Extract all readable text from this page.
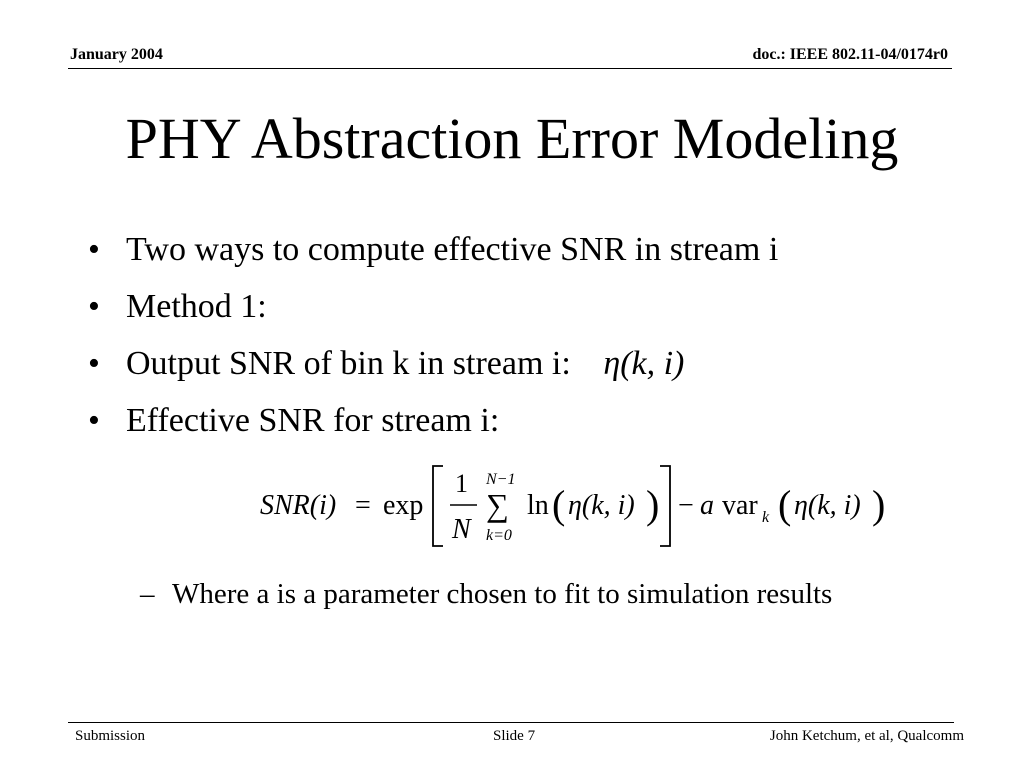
January 2004	doc.: IEEE 802.11-04/0174r0
PHY Abstraction Error Modeling
• Two ways to compute effective SNR in stream i
• Method 1:
• Output SNR of bin k in stream i: η(k, i)
• Effective SNR for stream i:
SNR(i) = exp
1
N
N−1
∑
k=0
ln ( η(k, i) ) − a var k ( η(k, i) )
– Where a is a parameter chosen to fit to simulation results
Submission	Slide 7	John Ketchum, et al, Qualcomm
